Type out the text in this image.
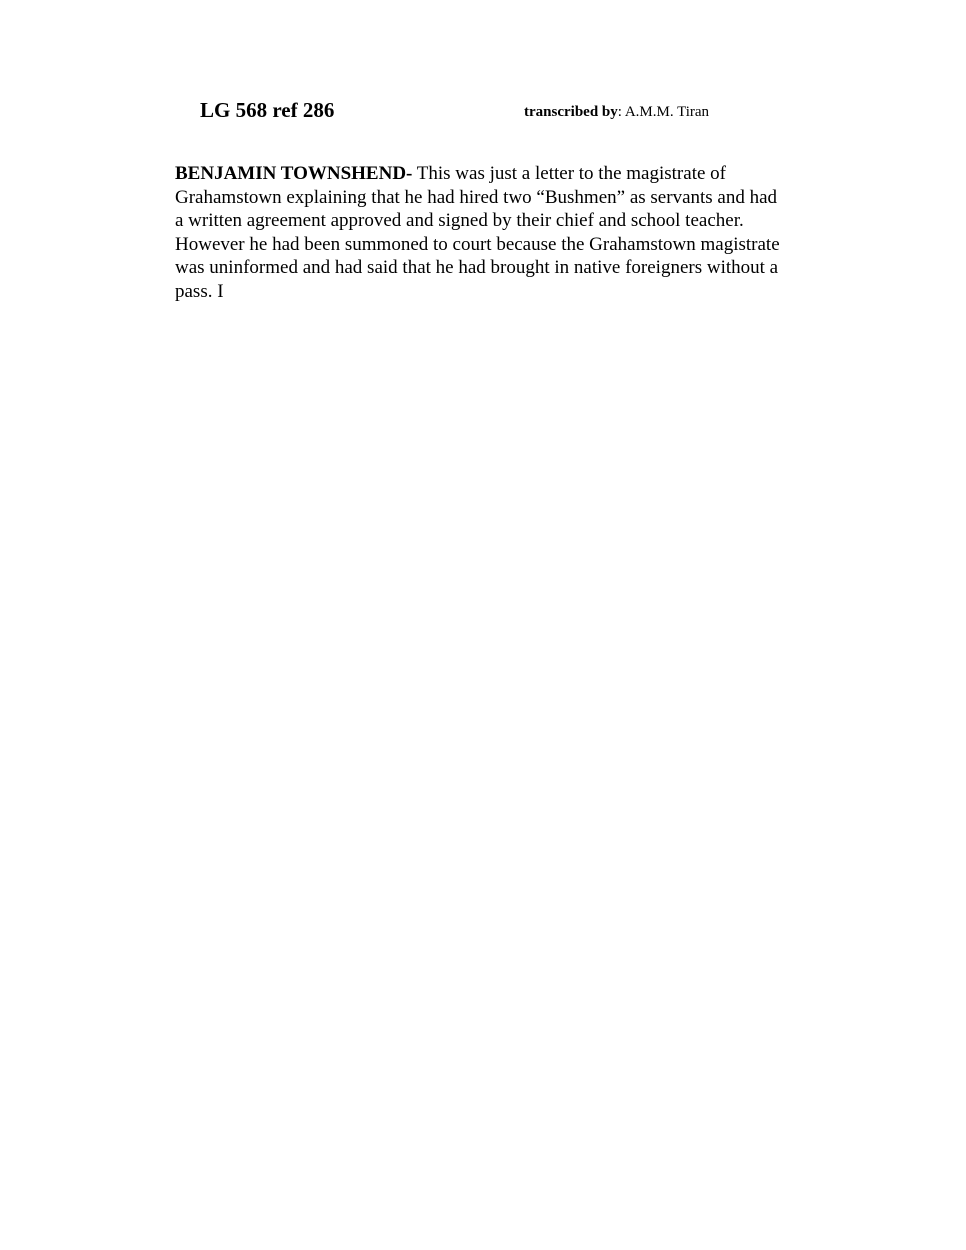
LG 568 ref 286	transcribed by: A.M.M. Tiran

BENJAMIN TOWNSHEND- This was just a letter to the magistrate of Grahamstown explaining that he had hired two “Bushmen” as servants and had a written agreement approved and signed by their chief and school teacher. However he had been summoned to court because the Grahamstown magistrate was uninformed and had said that he had brought in native foreigners without a pass. I
